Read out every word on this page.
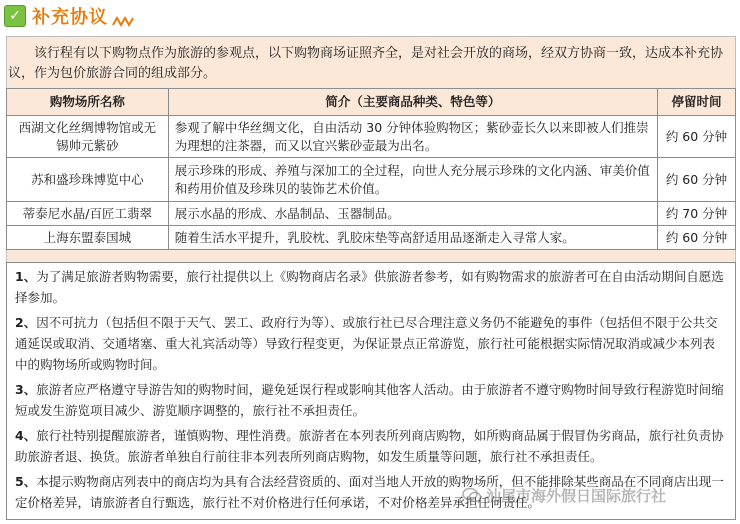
✓ 补充协议
该行程有以下购物点作为旅游的参观点，以下购物商场证照齐全，是对社会开放的商场，经双方协商一致，达成本补充协议，作为包价旅游合同的组成部分。
购物场所名称	简介（主要商品种类、特色等）	停留时间
西湖文化丝绸博物馆或无锡帅元紫砂	参观了解中华丝绸文化，自由活动 30 分钟体验购物区；紫砂壶长久以来即被人们推崇为理想的注茶器，而又以宜兴紫砂壶最为出名。	约 60 分钟
苏和盛珍珠博览中心	展示珍珠的形成、养殖与深加工的全过程，向世人充分展示珍珠的文化内涵、审美价值和药用价值及珍珠贝的装饰艺术价值。	约 60 分钟
蒂泰尼水晶/百匠工翡翠	展示水晶的形成、水晶制品、玉器制品。	约 70 分钟
上海东盟泰国城	随着生活水平提升，乳胶枕、乳胶床垫等高舒适用品逐渐走入寻常人家。	约 60 分钟
1、为了满足旅游者购物需要，旅行社提供以上《购物商店名录》供旅游者参考，如有购物需求的旅游者可在自由活动期间自愿选择参加。
2、因不可抗力（包括但不限于天气、罢工、政府行为等）、或旅行社已尽合理注意义务仍不能避免的事件（包括但不限于公共交通延误或取消、交通堵塞、重大礼宾活动等）导致行程变更，为保证景点正常游览，旅行社可能根据实际情况取消或减少本列表中的购物场所或购物时间。
3、旅游者应严格遵守导游告知的购物时间，避免延误行程或影响其他客人活动。由于旅游者不遵守购物时间导致行程游览时间缩短或发生游览项目减少、游览顺序调整的，旅行社不承担责任。
4、旅行社特别提醒旅游者，谨慎购物、理性消费。旅游者在本列表所列商店购物，如所购商品属于假冒伪劣商品，旅行社负责协助旅游者退、换货。旅游者单独自行前往非本列表所列商店购物，如发生质量等问题，旅行社不承担责任。
5、本提示购物商店列表中的商店均为具有合法经营资质的、面对当地人开放的购物场所，但不能排除某些商品在不同商店出现一定价格差异，请旅游者自行甄选，旅行社不对价格进行任何承诺，不对价格差异承担任何责任。
汕尾市海外假日国际旅行社
